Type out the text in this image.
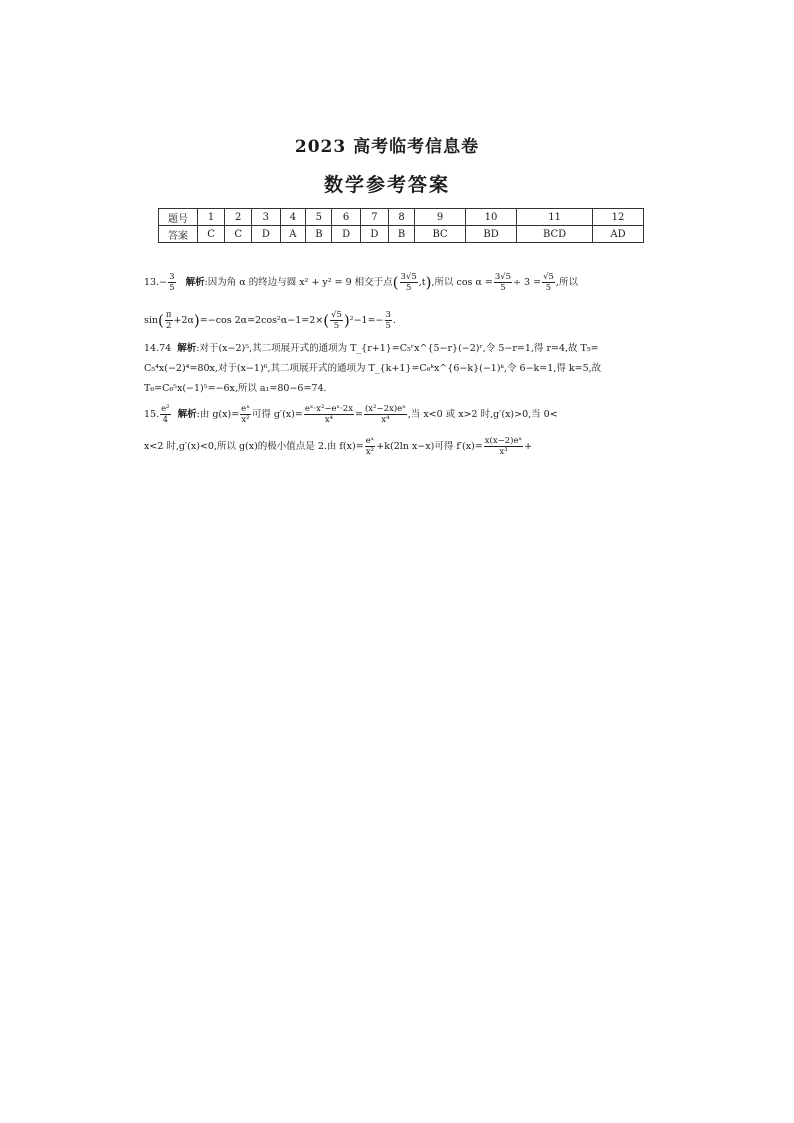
2023 高考临考信息卷
数学参考答案
题号	1	2	3	4	5	6	7	8	9	10	11	12
答案	C	C	D	A	B	D	D	B	BC	BD	BCD	AD
$13.- \frac{3}{5}$ 解析:因为角 α 的终边与圆 x² + y² = 9 相交于点( $\frac{3√5}{5} ,t$),所以 $\cos \alpha = \frac{3√5}{5} \div 3 = \frac{√5}{5}$ ,所以
$\sin( \frac{\pi}{2} +2\alpha)=-\cos$ $2\alpha=2\cos^2\alpha-1=2\times( \frac{√5}{5} )^2-1=- \frac{3}{5}$ .
14.74 解析:对于(x−2)⁵,其二项展开式的通项为 T_{r+1}=C₅ʳx^{5−r}(−2)ʳ,令 5−r=1,得 r=4,故 T₅=
C₅⁴x(−2)⁴=80x,对于(x−1)⁶,其二项展开式的通项为 T_{k+1}=C₆ᵏx^{6−k}(−1)ᵏ,令 6−k=1,得 k=5,故
T₆=C₆⁵x(−1)⁵=−6x,所以 a₁=80−6=74.
15. $\frac{\text{e²}}{4}$ 解析:由 $g(x)= \frac{\text{eˣ}}{\text{x²}}$ 可得 $g'(x)= \frac{\text{eˣ·x²−eˣ·2x}}{\text{x⁴}} = \frac{\text{(x²−2x)eˣ}}{\text{x⁴}}$ ,当 x<0 或 x>2 时,g′(x)>0,当 0<
x<2 时,g′(x)<0,所以 g(x)的极小值点是 2.由 $f(x)= \frac{\text{eˣ}}{\text{x²}} +k(2\ln$ x−x)可得 $f'(x)= \frac{\text{x(x−2)eˣ}}{\text{x³}}$ +
